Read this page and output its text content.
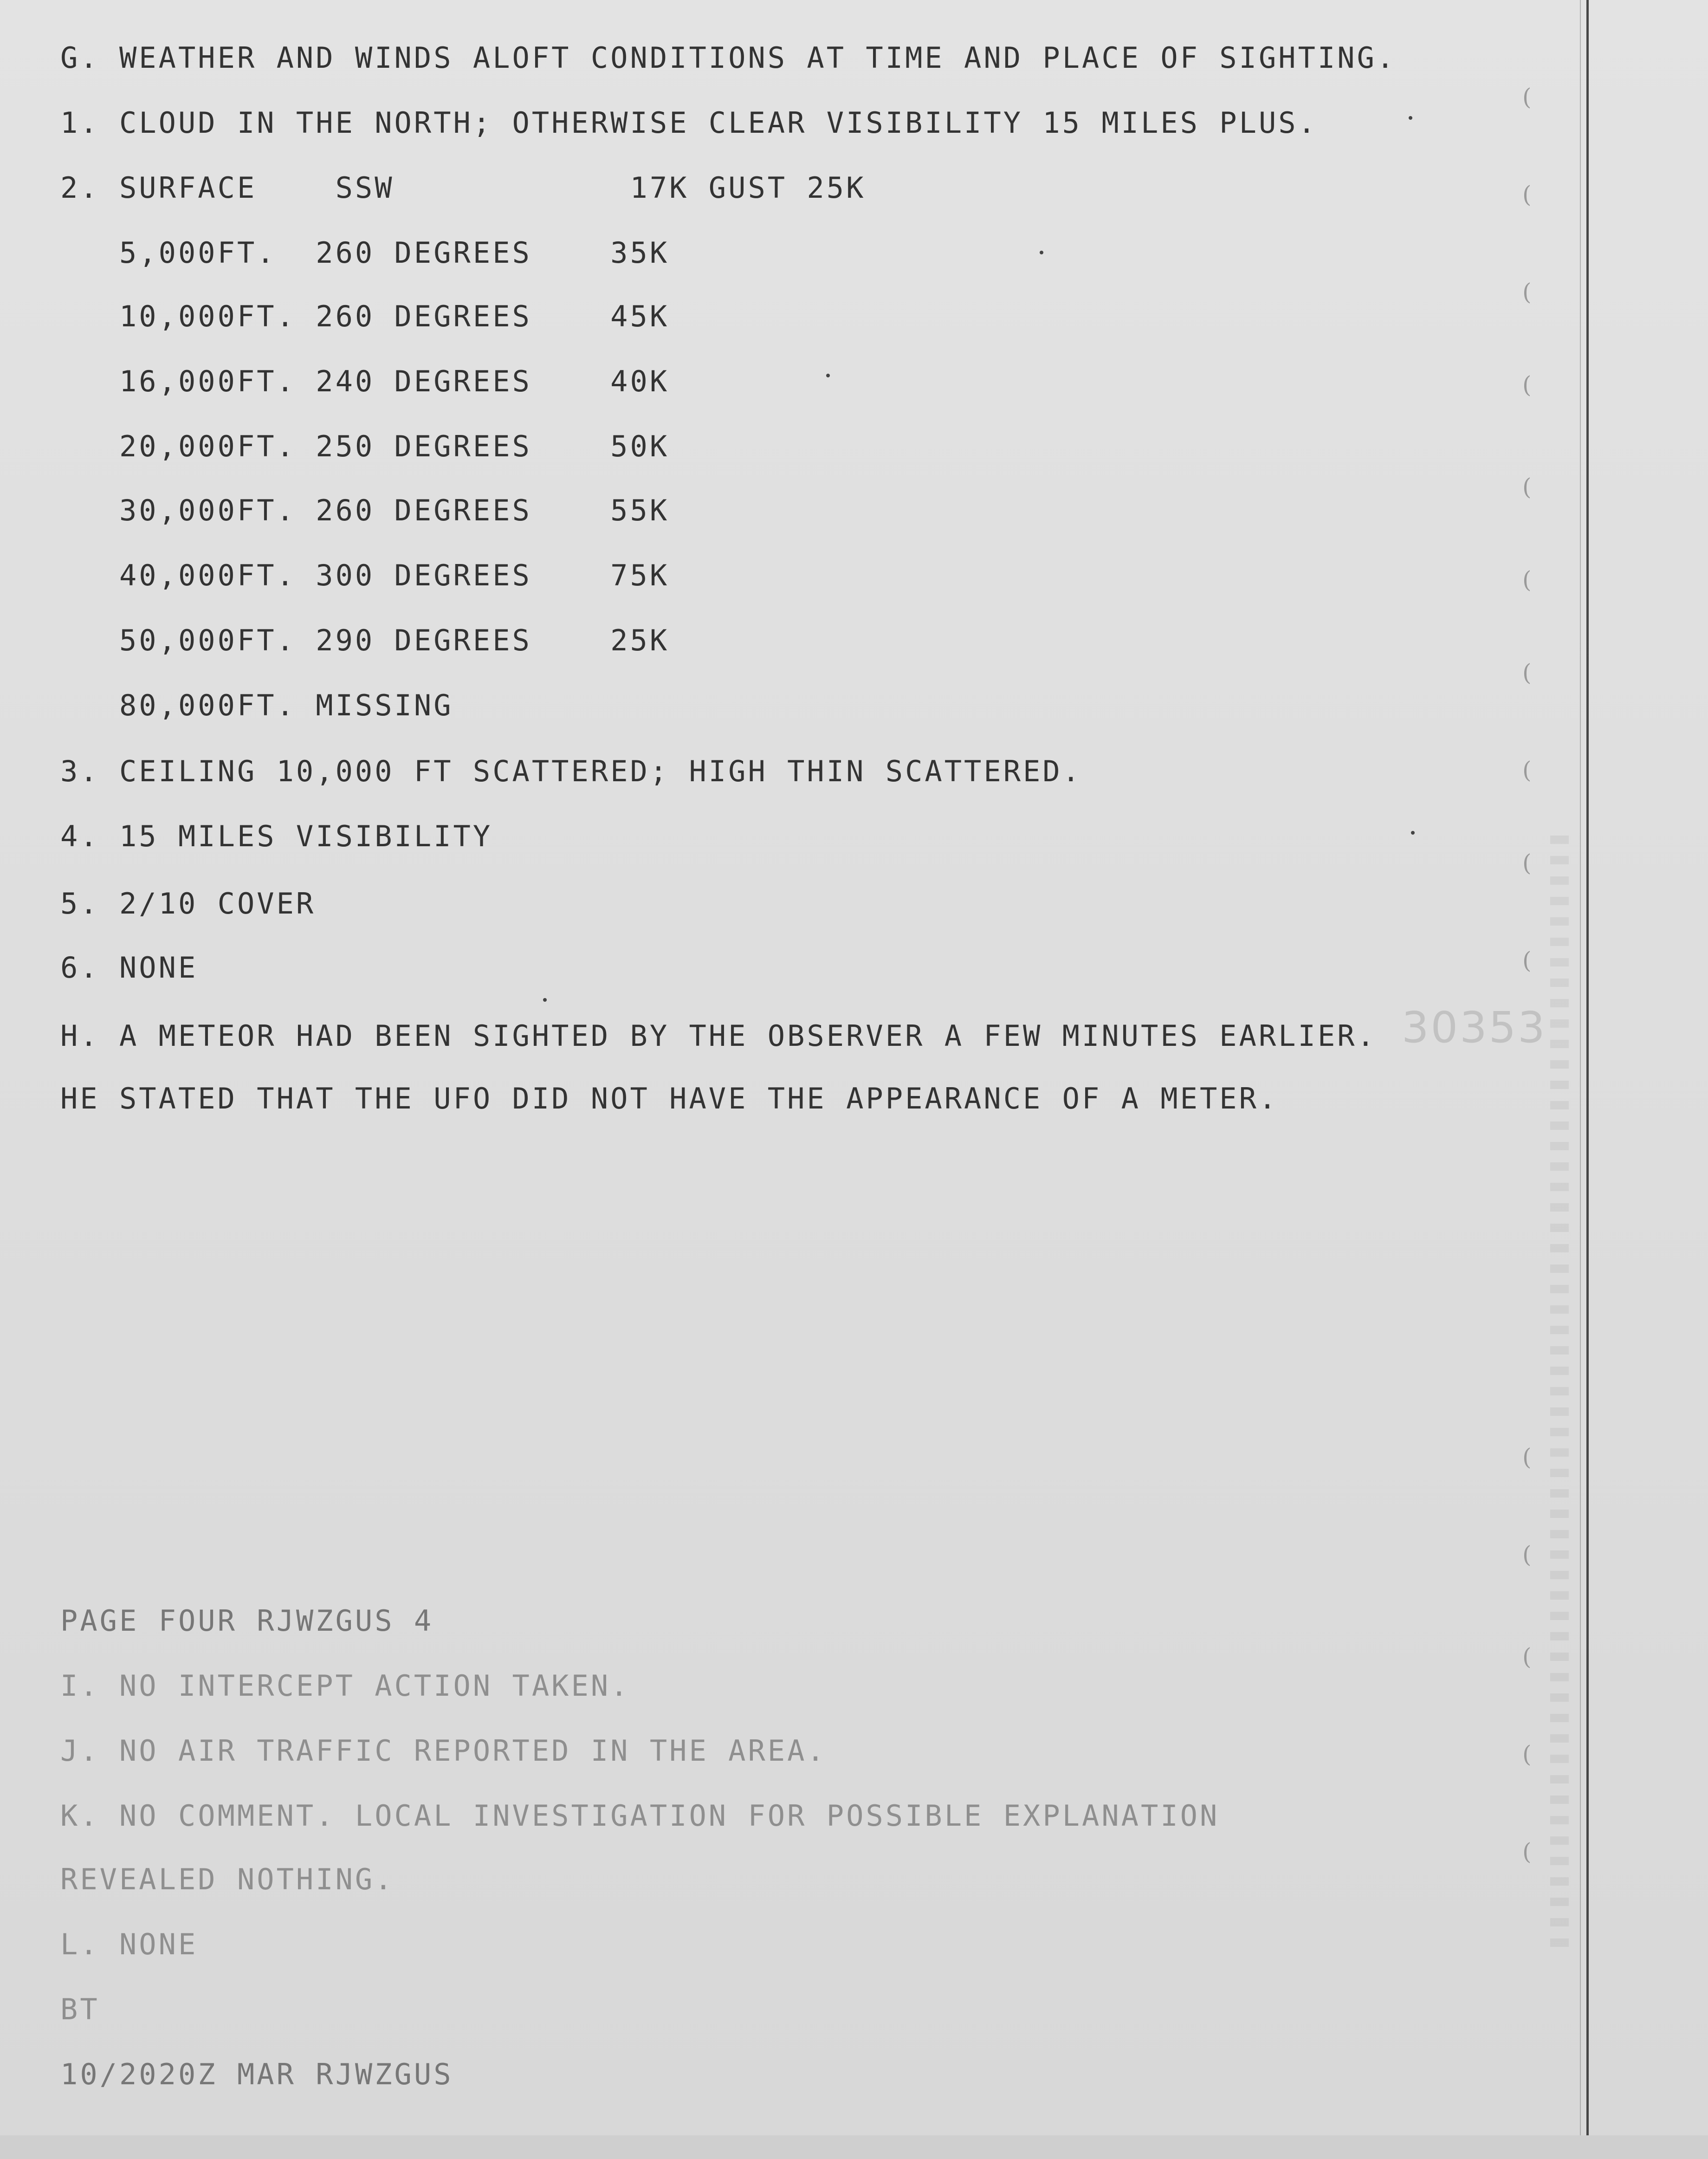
(
(
(
(
(
(
(
(
(
(
(
(
(
(
(
30353
G. WEATHER AND WINDS ALOFT CONDITIONS AT TIME AND PLACE OF SIGHTING.
1. CLOUD IN THE NORTH; OTHERWISE CLEAR VISIBILITY 15 MILES PLUS.
2. SURFACE    SSW            17K GUST 25K
5,000FT.  260 DEGREES    35K
10,000FT. 260 DEGREES    45K
16,000FT. 240 DEGREES    40K
20,000FT. 250 DEGREES    50K
30,000FT. 260 DEGREES    55K
40,000FT. 300 DEGREES    75K
50,000FT. 290 DEGREES    25K
80,000FT. MISSING
3. CEILING 10,000 FT SCATTERED; HIGH THIN SCATTERED.
4. 15 MILES VISIBILITY
5. 2/10 COVER
6. NONE
H. A METEOR HAD BEEN SIGHTED BY THE OBSERVER A FEW MINUTES EARLIER.
HE STATED THAT THE UFO DID NOT HAVE THE APPEARANCE OF A METER.
PAGE FOUR RJWZGUS 4
I. NO INTERCEPT ACTION TAKEN.
J. NO AIR TRAFFIC REPORTED IN THE AREA.
K. NO COMMENT. LOCAL INVESTIGATION FOR POSSIBLE EXPLANATION
REVEALED NOTHING.
L. NONE
BT
10/2020Z MAR RJWZGUS
